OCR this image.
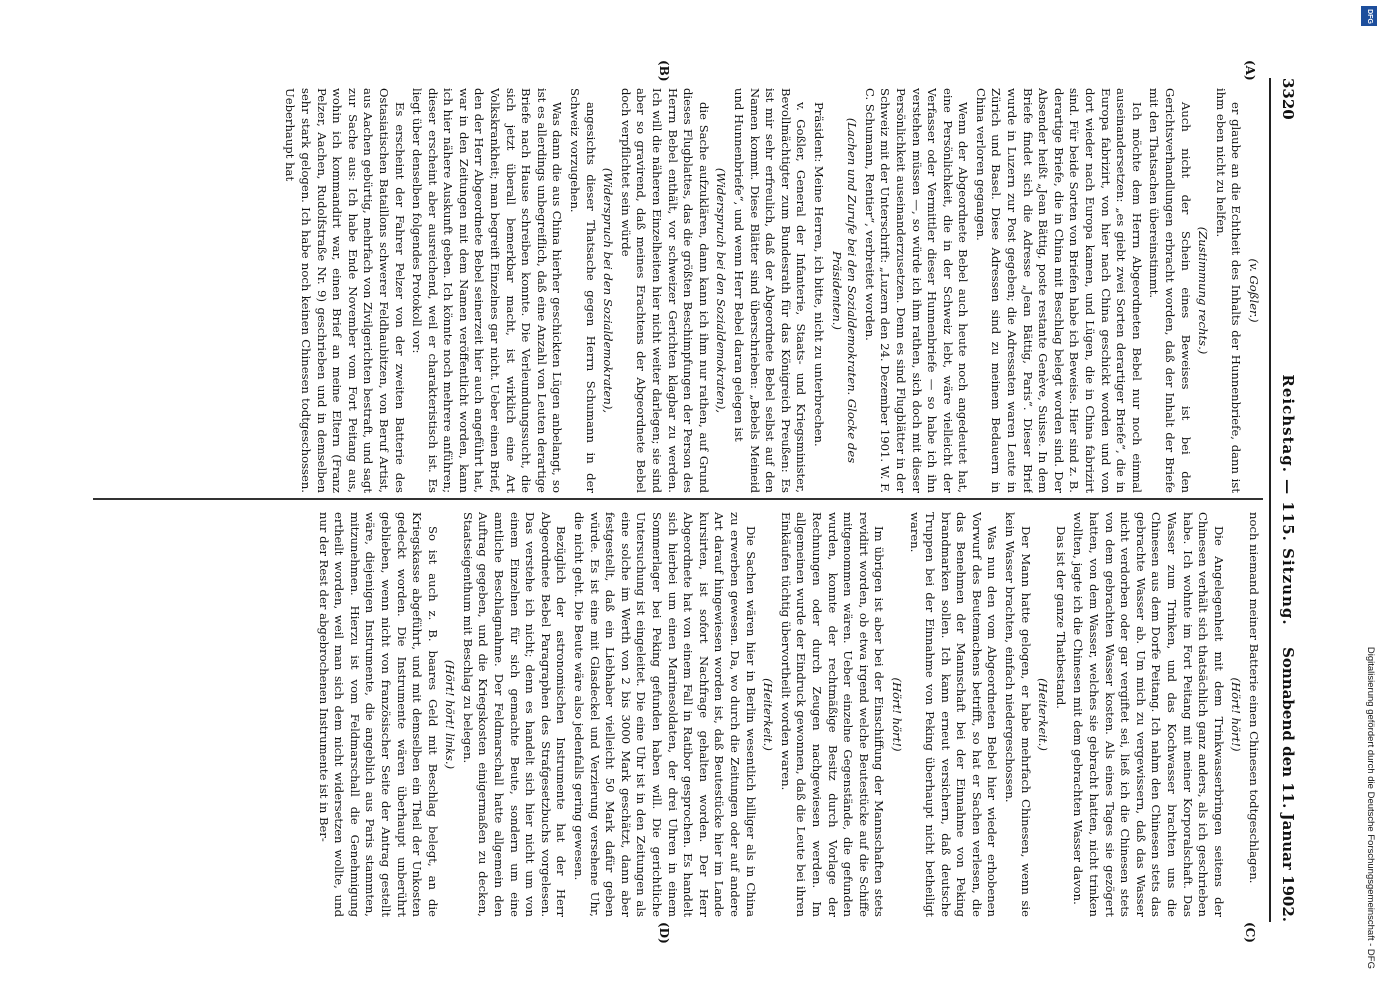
3320
Reichstag. — 115. Sitzung.
Sonnabend den 11. Januar 1902.

(v. Goßler.)

er glaube an die Echtheit des Inhalts der Hunnenbriefe, dann ist ihm eben nicht zu helfen.

(Zustimmung rechts.)

Auch nicht der Schein eines Beweises ist bei den Gerichtsverhandlungen erbracht worden, daß der Inhalt der Briefe mit den Thatsachen übereinstimmt.

Ich möchte dem Herrn Abgeordneten Bebel nur noch einmal auseinandersetzen: „es giebt zwei Sorten derartiger Briefe“, die in Europa fabrizirt, von hier nach China geschickt worden und von dort wieder nach Europa kamen, und Lügen, die in China fabrizirt sind. Für beide Sorten von Briefen habe ich Beweise. Hier sind z. B. derartige Briefe, die in China mit Beschlag belegt worden sind. Der Absender heißt „Jean Bättig, poste restante Genève, Suisse. In dem Briefe findet sich die Adresse „Jean Bättig, Paris“. Dieser Brief wurde in Luzern zur Post gegeben; die Adressaten waren Leute in Zürich und Basel. Diese Adressen sind zu meinem Bedauern in China verloren gegangen.

Wenn der Abgeordnete Bebel auch heute noch angedeutet hat, eine Persönlichkeit, die in der Schweiz lebt, wäre vielleicht der Verfasser oder Vermittler dieser Hunnenbriefe — so habe ich ihn verstehen müssen —, so würde ich ihm rathen, sich doch mit dieser Persönlichkeit auseinanderzusetzen. Denn es sind Flugblätter in der Schweiz mit der Unterschrift: „Luzern den 24. Dezember 1901. W. F. C. Schumann, Rentier“, verbreitet worden.

(Lachen und Zurufe bei den Sozialdemokraten. Glocke des Präsidenten.)

Präsident: Meine Herren, ich bitte, nicht zu unterbrechen.

v. Goßler, General der Infanterie, Staats- und Kriegsminister, Bevollmächtigter zum Bundesrath für das Königreich Preußen: Es ist mir sehr erfreulich, daß der Abgeordnete Bebel selbst auf den Namen kommt. Diese Blätter sind überschrieben: „Bebels Meineid und Hunnenbriefe“, und wenn Herr Bebel daran gelegen ist

(Widerspruch bei den Sozialdemokraten),

die Sache aufzuklären, dann kann ich ihm nur rathen, auf Grund dieses Flugblattes, das die größten Beschimpfungen der Person des Herrn Bebel enthält, vor schweizer Gerichten klagbar zu werden. Ich will die näheren Einzelheiten hier nicht weiter darlegen; sie sind aber so gravirend, daß meines Erachtens der Abgeordnete Bebel doch verpflichtet sein würde

(Widerspruch bei den Sozialdemokraten),

angesichts dieser Thatsache gegen Herrn Schumann in der Schweiz vorzugehen.

Was dann die aus China hierher geschickten Lügen anbelangt, so ist es allerdings unbegreiflich, daß eine Anzahl von Leuten derartige Briefe nach Hause schreiben konnte. Die Verleumdungssucht, die sich jetzt überall bemerkbar macht, ist wirklich eine Art Volkskrankheit; man begreift Einzelnes gar nicht. Ueber einen Brief, den der Herr Abgeordnete Bebel seinerzeit hier auch angeführt hat, war in den Zeitungen mit dem Namen veröffentlicht worden, kann ich hier nähere Auskunft geben. Ich könnte noch mehrere anführen; dieser erscheint aber ausreichend, weil er charakteristisch ist. Es liegt über denselben folgendes Protokoll vor:

Es erscheint der Fahrer Pelzer von der zweiten Batterie des Ostasiatischen Bataillons schwerer Feldhaubitzen, von Beruf Artist, aus Aachen gebürtig, mehrfach von Zivilgerichten bestraft, und sagt zur Sache aus: Ich habe Ende November vom Fort Peitang aus, wohin ich kommandirt war, einen Brief an meine Eltern (Franz Pelzer, Aachen, Rudolfstraße Nr. 9) geschrieben und in demselben sehr stark gelogen. Ich habe noch keinen Chinesen todtgeschossen. Ueberhaupt hat

noch niemand meiner Batterie einen Chinesen todtgeschlagen.

(Hört! hört!)

Die Angelegenheit mit dem Trinkwasserbringen seitens der Chinesen verhält sich thatsächlich ganz anders, als ich geschrieben habe. Ich wohnte im Fort Peitang mit meiner Korporalschaft. Das Wasser zum Trinken, und das Kochwasser brachten uns die Chinesen aus dem Dorfe Peitang. Ich nahm den Chinesen stets das gebrachte Wasser ab. Um mich zu vergewissern, daß das Wasser nicht verdorben oder gar vergiftet sei, ließ ich die Chinesen stets von dem gebrachten Wasser kosten. Als eines Tages sie gezögert hatten, von dem Wasser, welches sie gebracht hatten, nicht trinken wollten, jagte ich die Chinesen mit dem gebrachten Wasser davon.

Das ist der ganze Thatbestand.

(Heiterkeit.)

Der Mann hatte gelogen, er habe mehrfach Chinesen, wenn sie kein Wasser brachten, einfach niedergeschossen.

Was nun den vom Abgeordneten Bebel hier wieder erhobenen Vorwurf des Beutemachens betrifft, so hat er Sachen verlesen, die das Benehmen der Mannschaft bei der Einnahme von Peking brandmarken sollen. Ich kann erneut versichern, daß deutsche Truppen bei der Einnahme von Peking überhaupt nicht betheiligt waren.

(Hört! hört!)

Im übrigen ist aber bei der Einschiffung der Mannschaften stets revidirt worden, ob etwa irgend welche Beutestücke auf die Schiffe mitgenommen wären. Ueber einzelne Gegenstände, die gefunden wurden, konnte der rechtmäßige Besitz durch Vorlage der Rechnungen oder durch Zeugen nachgewiesen werden. Im allgemeinen wurde der Eindruck gewonnen, daß die Leute bei ihren Einkäufen tüchtig übervortheilt worden waren.

(Heiterkeit.)

Die Sachen wären hier in Berlin wesentlich billiger als in China zu erwerben gewesen. Da, wo durch die Zeitungen oder auf andere Art darauf hingewiesen worden ist, daß Beutestücke hier im Lande kursirten, ist sofort Nachfrage gehalten worden. Der Herr Abgeordnete hat von einem Fall in Ratibor gesprochen. Es handelt sich hierbei um einen Marinesoldaten, der drei Uhren in einem Sommerlager bei Peking gefunden haben will. Die gerichtliche Untersuchung ist eingeleitet. Die eine Uhr ist in den Zeitungen als eine solche im Werth von 2 bis 3000 Mark geschätzt, dann aber festgestellt, daß ein Liebhaber vielleicht 50 Mark dafür geben würde. Es ist eine mit Glasdeckel und Verzierung versehene Uhr, die nicht geht. Die Beute wäre also jedenfalls gering gewesen.

Bezüglich der astronomischen Instrumente hat der Herr Abgeordnete Bebel Paragraphen des Strafgesetzbuchs vorgelesen. Das verstehe ich nicht; denn es handelt sich hier nicht um von einem Einzelnen für sich gemachte Beute, sondern um eine amtliche Beschlagnahme. Der Feldmarschall hatte allgemein den Auftrag gegeben, und die Kriegskosten einigermaßen zu decken, Staatseigenthum mit Beschlag zu belegen.

(Hört! hört! links.)

So ist auch z. B. baares Geld mit Beschlag belegt, an die Kriegskasse abgeführt, und mit demselben ein Theil der Unkosten gedeckt worden. Die Instrumente wären überhaupt unberührt geblieben, wenn nicht von französischer Seite der Antrag gestellt wäre, diejenigen Instrumente, die angeblich aus Paris stammten, mitzunehmen. Hierzu ist vom Feldmarschall die Genehmigung ertheilt worden, weil man sich dem nicht widersetzen wollte, und nur der Rest der abgebrochenen Instrumente ist in Ber-

(A)
(B)
(C)
(D)
DFG
Digitalisierung gefördert durch die Deutsche Forschungsgemeinschaft - DFG
